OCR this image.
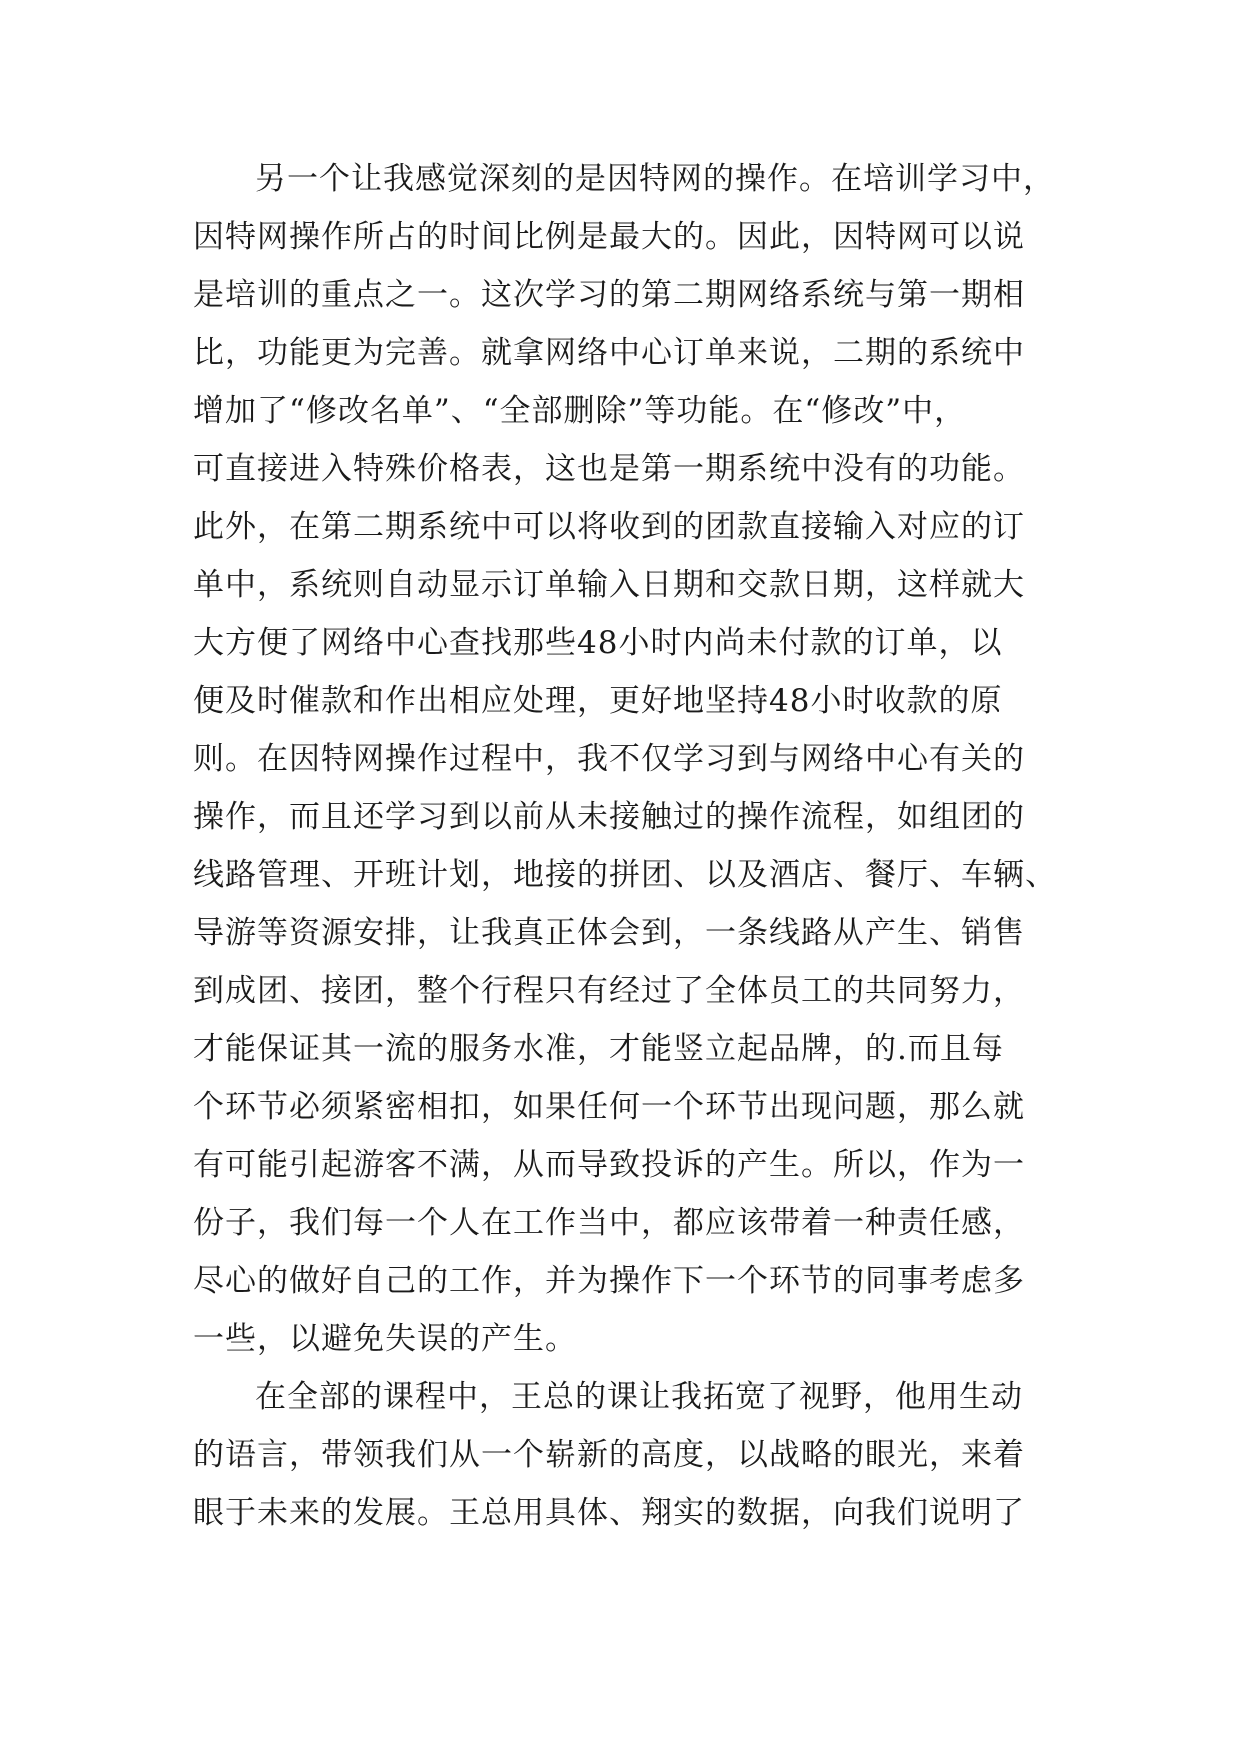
另一个让我感觉深刻的是因特网的操作。在培训学习中，
因特网操作所占的时间比例是最大的。因此，因特网可以说
是培训的重点之一。这次学习的第二期网络系统与第一期相
比，功能更为完善。就拿网络中心订单来说，二期的系统中
增加了“修改名单”、“全部删除”等功能。在“修改”中，
可直接进入特殊价格表，这也是第一期系统中没有的功能。
此外，在第二期系统中可以将收到的团款直接输入对应的订
单中，系统则自动显示订单输入日期和交款日期，这样就大
大方便了网络中心查找那些48小时内尚未付款的订单，以
便及时催款和作出相应处理，更好地坚持48小时收款的原
则。在因特网操作过程中，我不仅学习到与网络中心有关的
操作，而且还学习到以前从未接触过的操作流程，如组团的
线路管理、开班计划，地接的拼团、以及酒店、餐厅、车辆、
导游等资源安排，让我真正体会到，一条线路从产生、销售
到成团、接团，整个行程只有经过了全体员工的共同努力，
才能保证其一流的服务水准，才能竖立起品牌，的.而且每
个环节必须紧密相扣，如果任何一个环节出现问题，那么就
有可能引起游客不满，从而导致投诉的产生。所以，作为一
份子，我们每一个人在工作当中，都应该带着一种责任感，
尽心的做好自己的工作，并为操作下一个环节的同事考虑多
一些，以避免失误的产生。
在全部的课程中，王总的课让我拓宽了视野，他用生动
的语言，带领我们从一个崭新的高度，以战略的眼光，来着
眼于未来的发展。王总用具体、翔实的数据，向我们说明了
